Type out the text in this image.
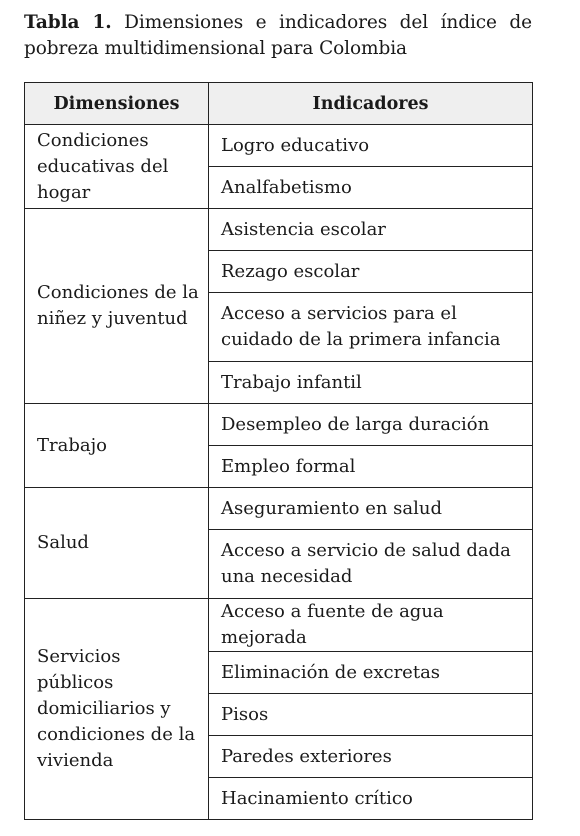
Tabla 1. Dimensiones e indicadores del índice de pobreza multidimensional para Colombia
Dimensiones	Indicadores
Condiciones educativas del hogar	Logro educativo
	Analfabetismo
Condiciones de la niñez y juventud	Asistencia escolar
	Rezago escolar
	Acceso a servicios para el cuidado de la primera infancia
	Trabajo infantil
Trabajo	Desempleo de larga duración
	Empleo formal
Salud	Aseguramiento en salud
	Acceso a servicio de salud dada una necesidad
Servicios públicos domiciliarios y condiciones de la vivienda	Acceso a fuente de agua mejorada
	Eliminación de excretas
	Pisos
	Paredes exteriores
	Hacinamiento crítico
